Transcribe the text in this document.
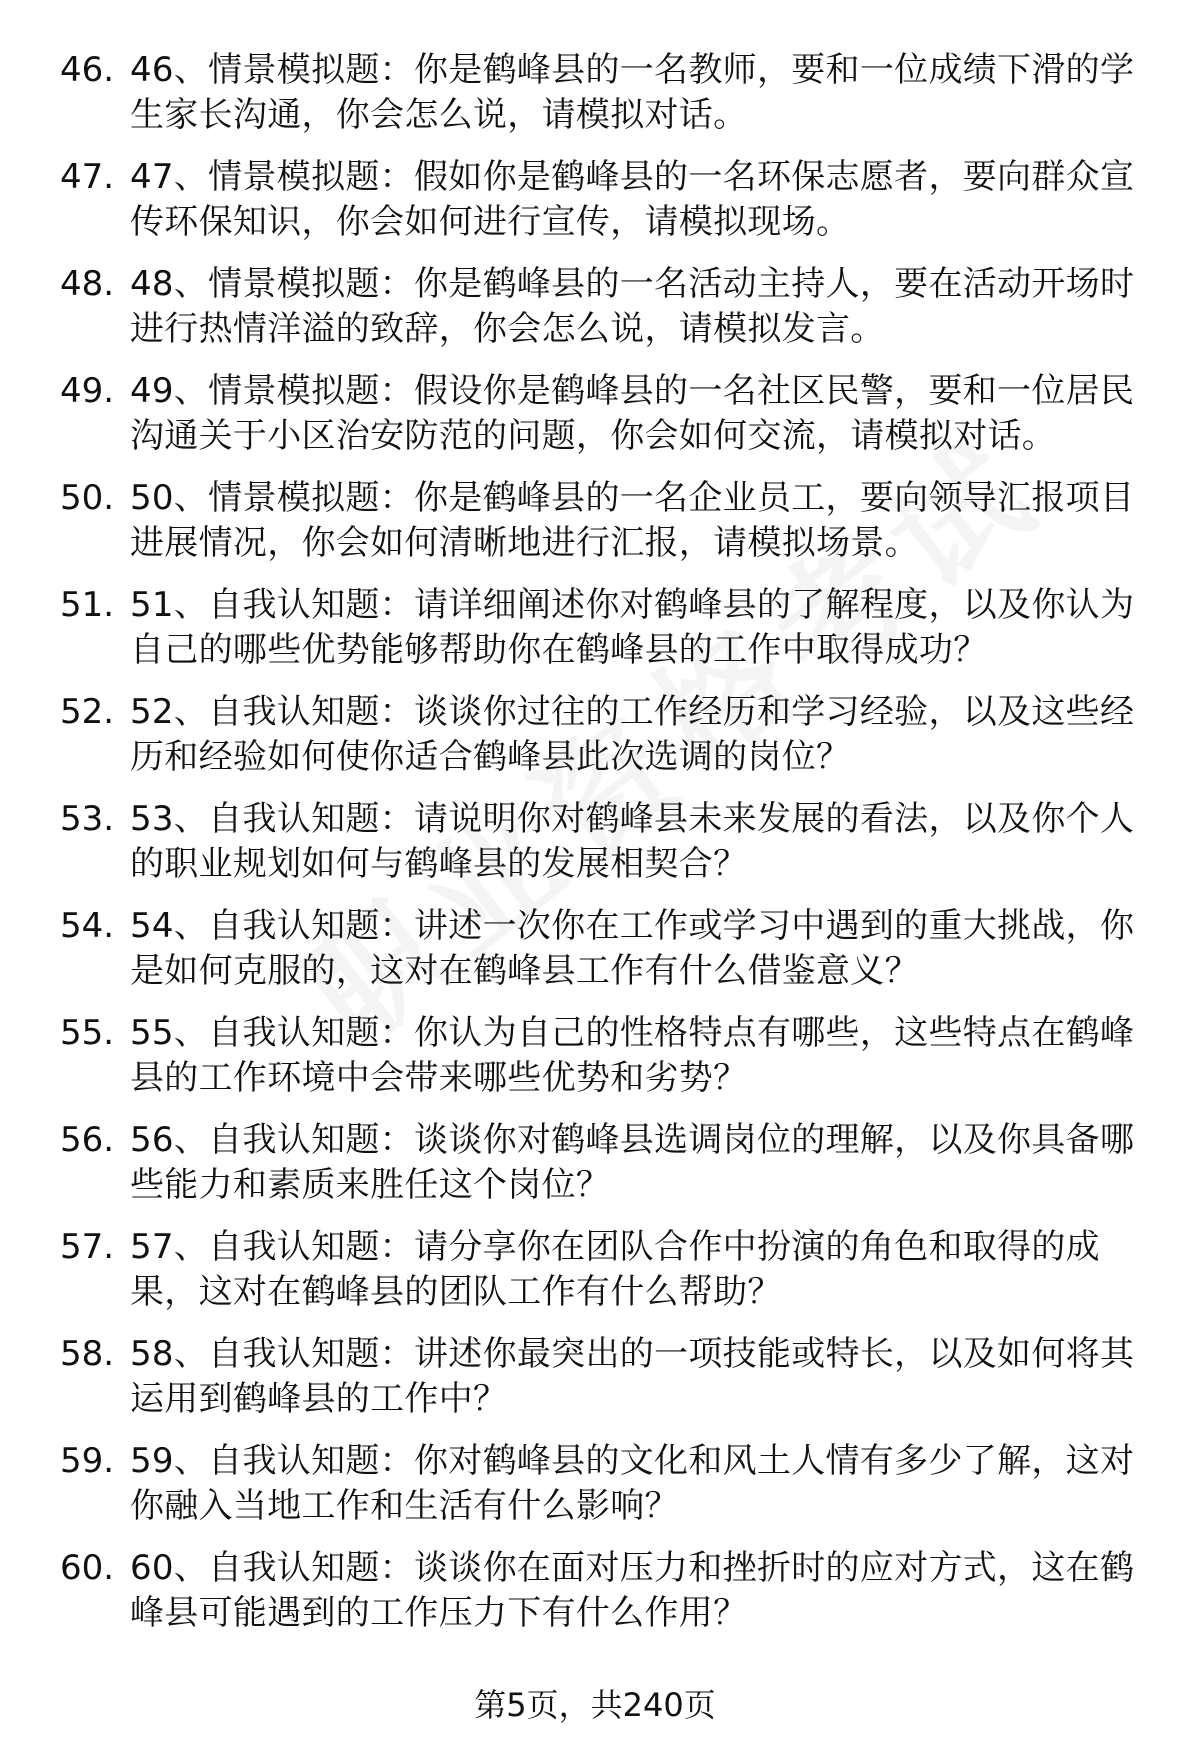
46. 46、情景模拟题：你是鹤峰县的一名教师，要和一位成绩下滑的学生家长沟通，你会怎么说，请模拟对话。
47. 47、情景模拟题：假如你是鹤峰县的一名环保志愿者，要向群众宣传环保知识，你会如何进行宣传，请模拟现场。
48. 48、情景模拟题：你是鹤峰县的一名活动主持人，要在活动开场时进行热情洋溢的致辞，你会怎么说，请模拟发言。
49. 49、情景模拟题：假设你是鹤峰县的一名社区民警，要和一位居民沟通关于小区治安防范的问题，你会如何交流，请模拟对话。
50. 50、情景模拟题：你是鹤峰县的一名企业员工，要向领导汇报项目进展情况，你会如何清晰地进行汇报，请模拟场景。
51. 51、自我认知题：请详细阐述你对鹤峰县的了解程度，以及你认为自己的哪些优势能够帮助你在鹤峰县的工作中取得成功？
52. 52、自我认知题：谈谈你过往的工作经历和学习经验，以及这些经历和经验如何使你适合鹤峰县此次选调的岗位？
53. 53、自我认知题：请说明你对鹤峰县未来发展的看法，以及你个人的职业规划如何与鹤峰县的发展相契合？
54. 54、自我认知题：讲述一次你在工作或学习中遇到的重大挑战，你是如何克服的，这对在鹤峰县工作有什么借鉴意义？
55. 55、自我认知题：你认为自己的性格特点有哪些，这些特点在鹤峰县的工作环境中会带来哪些优势和劣势？
56. 56、自我认知题：谈谈你对鹤峰县选调岗位的理解，以及你具备哪些能力和素质来胜任这个岗位？
57. 57、自我认知题：请分享你在团队合作中扮演的角色和取得的成果，这对在鹤峰县的团队工作有什么帮助？
58. 58、自我认知题：讲述你最突出的一项技能或特长，以及如何将其运用到鹤峰县的工作中？
59. 59、自我认知题：你对鹤峰县的文化和风土人情有多少了解，这对你融入当地工作和生活有什么影响？
60. 60、自我认知题：谈谈你在面对压力和挫折时的应对方式，这在鹤峰县可能遇到的工作压力下有什么作用？
第5页，共240页
